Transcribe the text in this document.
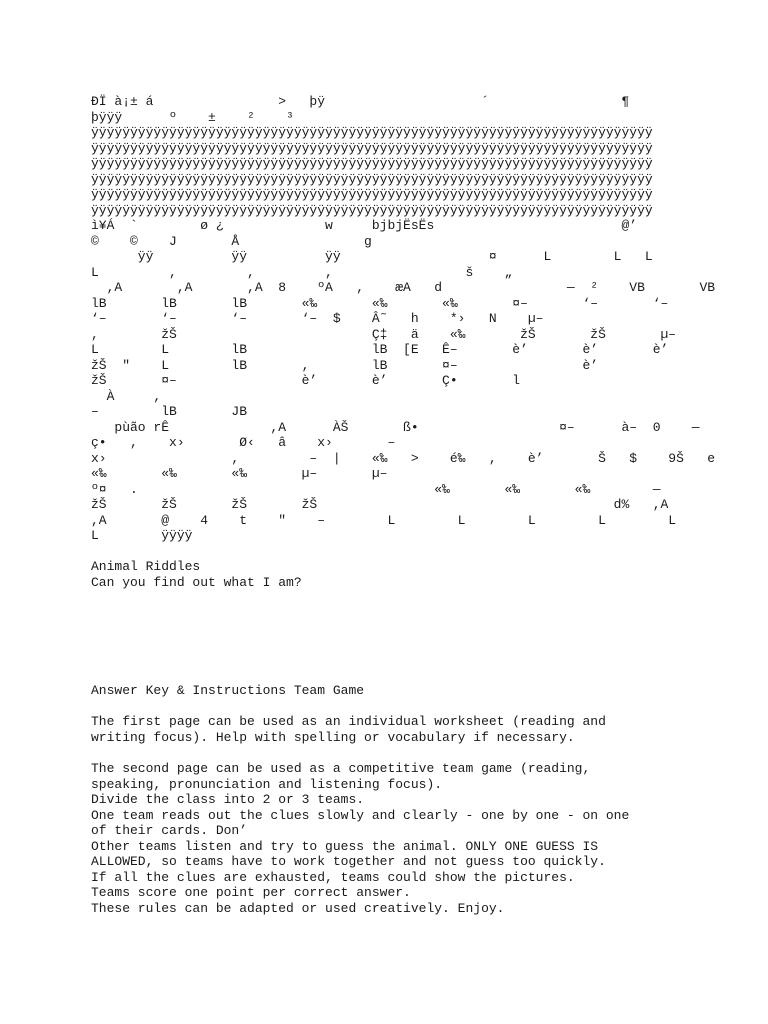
ĐÏ à¡± á                >   þÿ                    ´                 ¶
þÿÿÿ      º    ±    ²    ³
ÿÿÿÿÿÿÿÿÿÿÿÿÿÿÿÿÿÿÿÿÿÿÿÿÿÿÿÿÿÿÿÿÿÿÿÿÿÿÿÿÿÿÿÿÿÿÿÿÿÿÿÿÿÿÿÿÿÿÿÿÿÿÿÿÿÿÿÿÿÿÿÿ
ÿÿÿÿÿÿÿÿÿÿÿÿÿÿÿÿÿÿÿÿÿÿÿÿÿÿÿÿÿÿÿÿÿÿÿÿÿÿÿÿÿÿÿÿÿÿÿÿÿÿÿÿÿÿÿÿÿÿÿÿÿÿÿÿÿÿÿÿÿÿÿÿ
ÿÿÿÿÿÿÿÿÿÿÿÿÿÿÿÿÿÿÿÿÿÿÿÿÿÿÿÿÿÿÿÿÿÿÿÿÿÿÿÿÿÿÿÿÿÿÿÿÿÿÿÿÿÿÿÿÿÿÿÿÿÿÿÿÿÿÿÿÿÿÿÿ
ÿÿÿÿÿÿÿÿÿÿÿÿÿÿÿÿÿÿÿÿÿÿÿÿÿÿÿÿÿÿÿÿÿÿÿÿÿÿÿÿÿÿÿÿÿÿÿÿÿÿÿÿÿÿÿÿÿÿÿÿÿÿÿÿÿÿÿÿÿÿÿÿ
ÿÿÿÿÿÿÿÿÿÿÿÿÿÿÿÿÿÿÿÿÿÿÿÿÿÿÿÿÿÿÿÿÿÿÿÿÿÿÿÿÿÿÿÿÿÿÿÿÿÿÿÿÿÿÿÿÿÿÿÿÿÿÿÿÿÿÿÿÿÿÿÿ
ÿÿÿÿÿÿÿÿÿÿÿÿÿÿÿÿÿÿÿÿÿÿÿÿÿÿÿÿÿÿÿÿÿÿÿÿÿÿÿÿÿÿÿÿÿÿÿÿÿÿÿÿÿÿÿÿÿÿÿÿÿÿÿÿÿÿÿÿÿÿÿÿ
ì¥Á  `        ø ¿             w     bjbjËsËs                        @’
©    ©    J       Å                g
ÿÿ          ÿÿ          ÿÿ                   ¤      L        L   L
L         ,         ,         ,                 š    „
,A       ,A       ,A  8    ºA   ,    æA   d                —  ²    VB       VB
lB       lB       lB       «‰       «‰       «‰       ¤–       ‘–       ‘–
‘–       ‘–       ‘–       ‘–  $    Â˜   h    *›   N    µ–
,        žŠ                         Ç‡   ä    «‰       žŠ       žŠ       µ–
L        L        lB                lB  [E   Ê–       è’       è’       è’
žŠ  "    L        lB       ,        lB       ¤–                è’
žŠ       ¤–                è’       è’       Ç•       l
À     ,
–        lB       JB
pùão rÊ             ,A      ÀŠ       ß•                  ¤–      à–  0    —
ç•   ,    x›       Ø‹   â    x›       –
x›                ,         –  |    «‰   >    é‰   ,    è’       Š   $    9Š   e
«‰       «‰       «‰       µ–       µ–
º¤   .                                      «‰       «‰       «‰        —
žŠ       žŠ       žŠ       žŠ                                      d%   ,A
,A       @    4    t    "    –        L        L        L        L        L
L        ÿÿÿÿ
Animal Riddles
Can you find out what I am?
Answer Key & Instructions Team Game
The first page can be used as an individual worksheet (reading and
writing focus). Help with spelling or vocabulary if necessary.
The second page can be used as a competitive team game (reading,
speaking, pronunciation and listening focus).
Divide the class into 2 or 3 teams.
One team reads out the clues slowly and clearly - one by one - on one
of their cards. Don’
Other teams listen and try to guess the animal. ONLY ONE GUESS IS
ALLOWED, so teams have to work together and not guess too quickly.
If all the clues are exhausted, teams could show the pictures.
Teams score one point per correct answer.
These rules can be adapted or used creatively. Enjoy.
